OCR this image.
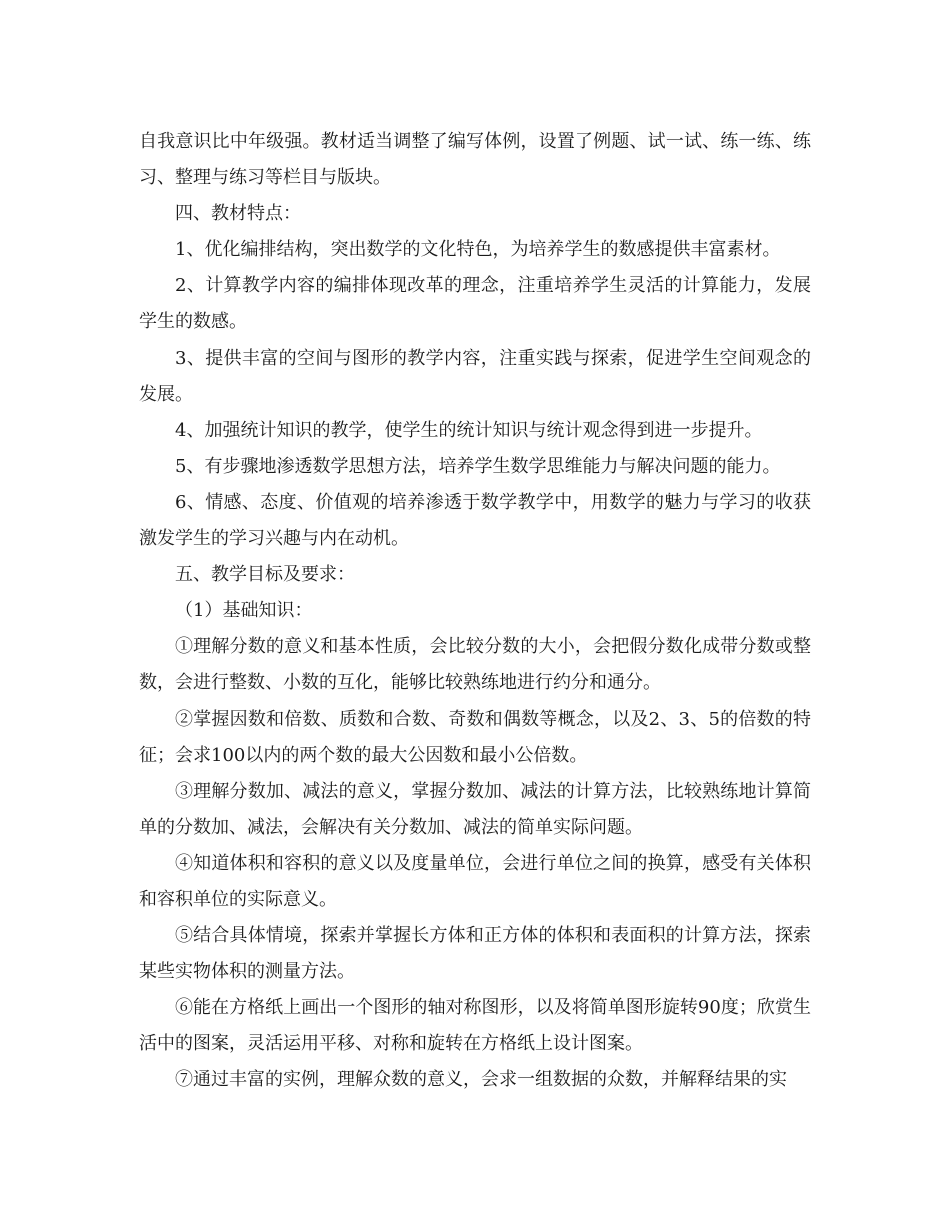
自我意识比中年级强。教材适当调整了编写体例，设置了例题、试一试、练一练、练习、整理与练习等栏目与版块。

四、教材特点：

1、优化编排结构，突出数学的文化特色，为培养学生的数感提供丰富素材。

2、计算教学内容的编排体现改革的理念，注重培养学生灵活的计算能力，发展学生的数感。

3、提供丰富的空间与图形的教学内容，注重实践与探索，促进学生空间观念的发展。

4、加强统计知识的教学，使学生的统计知识与统计观念得到进一步提升。

5、有步骤地渗透数学思想方法，培养学生数学思维能力与解决问题的能力。

6、情感、态度、价值观的培养渗透于数学教学中，用数学的魅力与学习的收获激发学生的学习兴趣与内在动机。

五、教学目标及要求：

（1）基础知识：

①理解分数的意义和基本性质，会比较分数的大小，会把假分数化成带分数或整数，会进行整数、小数的互化，能够比较熟练地进行约分和通分。

②掌握因数和倍数、质数和合数、奇数和偶数等概念，以及2、3、5的倍数的特征；会求100以内的两个数的最大公因数和最小公倍数。

③理解分数加、减法的意义，掌握分数加、减法的计算方法，比较熟练地计算简单的分数加、减法，会解决有关分数加、减法的简单实际问题。

④知道体积和容积的意义以及度量单位，会进行单位之间的换算，感受有关体积和容积单位的实际意义。

⑤结合具体情境，探索并掌握长方体和正方体的体积和表面积的计算方法，探索某些实物体积的测量方法。

⑥能在方格纸上画出一个图形的轴对称图形，以及将简单图形旋转90度；欣赏生活中的图案，灵活运用平移、对称和旋转在方格纸上设计图案。

⑦通过丰富的实例，理解众数的意义，会求一组数据的众数，并解释结果的实
